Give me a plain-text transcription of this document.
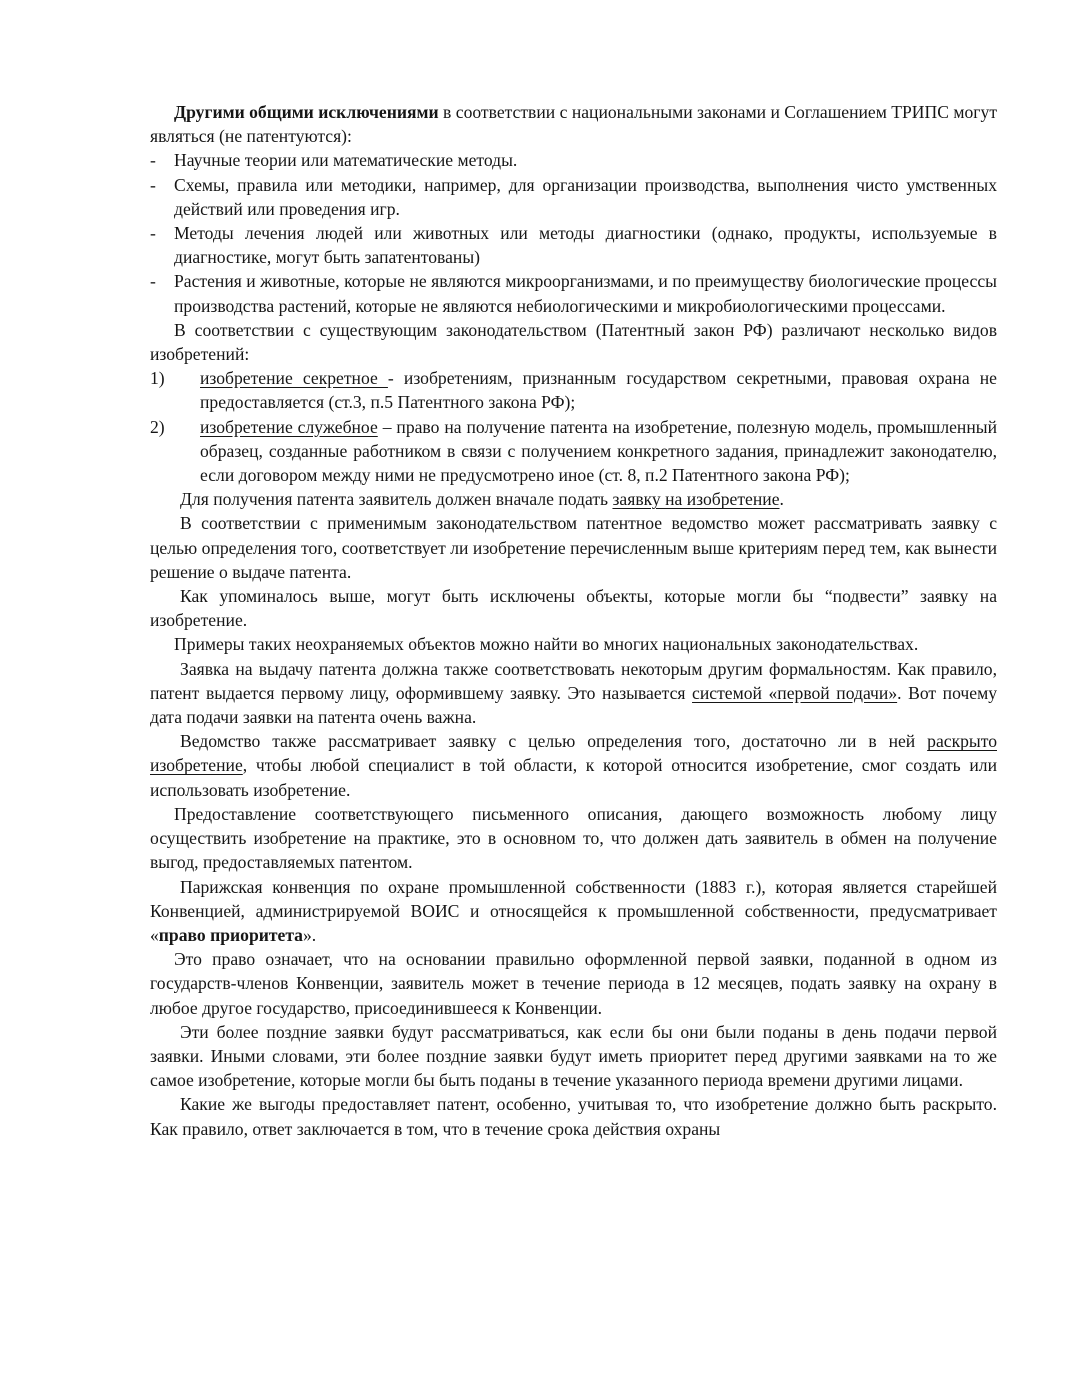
Другими общими исключениями в соответствии с национальными законами и Соглашением ТРИПС могут являться (не патентуются):

- Научные теории или математические методы.
- Схемы, правила или методики, например, для организации производства, выполнения чисто умственных действий или проведения игр.
- Методы лечения людей или животных или методы диагностики (однако, продукты, используемые в диагностике, могут быть запатентованы)
- Растения и животные, которые не являются микроорганизмами, и по преимуществу биологические процессы производства растений, которые не являются небиологическими и микробиологическими процессами.

В соответствии с существующим законодательством (Патентный закон РФ) различают несколько видов изобретений:

1) изобретение секретное - изобретениям, признанным государством секретными, правовая охрана не предоставляется (ст.3, п.5 Патентного закона РФ);
2) изобретение служебное – право на получение патента на изобретение, полезную модель, промышленный образец, созданные работником в связи с получением конкретного задания, принадлежит законодателю, если договором между ними не предусмотрено иное (ст. 8, п.2 Патентного закона РФ);

Для получения патента заявитель должен вначале подать заявку на изобретение.

В соответствии с применимым законодательством патентное ведомство может рассматривать заявку с целью определения того, соответствует ли изобретение перечисленным выше критериям перед тем, как вынести решение о выдаче патента.

Как упоминалось выше, могут быть исключены объекты, которые могли бы “подвести” заявку на изобретение.

Примеры таких неохраняемых объектов можно найти во многих национальных законодательствах.

Заявка на выдачу патента должна также соответствовать некоторым другим формальностям. Как правило, патент выдается первому лицу, оформившему заявку. Это называется системой «первой подачи». Вот почему дата подачи заявки на патента очень важна.

Ведомство также рассматривает заявку с целью определения того, достаточно ли в ней раскрыто изобретение, чтобы любой специалист в той области, к которой относится изобретение, смог создать или использовать изобретение.

Предоставление соответствующего письменного описания, дающего возможность любому лицу осуществить изобретение на практике, это в основном то, что должен дать заявитель в обмен на получение выгод, предоставляемых патентом.

Парижская конвенция по охране промышленной собственности (1883 г.), которая является старейшей Конвенцией, администрируемой ВОИС и относящейся к промышленной собственности, предусматривает «право приоритета».

Это право означает, что на основании правильно оформленной первой заявки, поданной в одном из государств-членов Конвенции, заявитель может в течение периода в 12 месяцев, подать заявку на охрану в любое другое государство, присоединившееся к Конвенции.

Эти более поздние заявки будут рассматриваться, как если бы они были поданы в день подачи первой заявки. Иными словами, эти более поздние заявки будут иметь приоритет перед другими заявками на то же самое изобретение, которые могли бы быть поданы в течение указанного периода времени другими лицами.

Какие же выгоды предоставляет патент, особенно, учитывая то, что изобретение должно быть раскрыто. Как правило, ответ заключается в том, что в течение срока действия охраны
